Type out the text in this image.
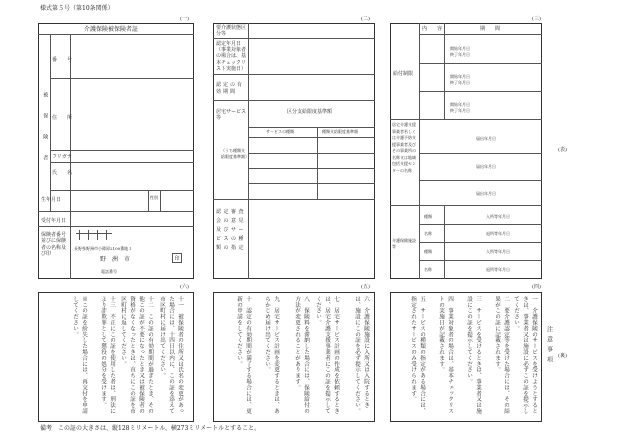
様式第５号（第10条関係）
(一)	(二)	(三)
(表)
(六)	(五)	(四)
(裏)
介護保険被保険者証
被保険者
番　　号
住　　所
フリガナ
氏　　名
性別
生年月日
受付年月日
保険者番号並びに保険者の名称及び印
長野県野洲市小篠原2100番地１
野　洲　市	印
電話番号
要介護状態区分等
認定年月日（事業対象者の場合は、基本チェックリスト実施日）
認定の有効期間
居宅サービス等
区分支給限度基準額
サービスの種類	種類支給限度基準額
（うち種類支給限度基準額）
認定審査会の意見及びサービスの種類の指定
内　　容	期　　間
給付制限
開始年月日
終了年月日
開始年月日
終了年月日
開始年月日
終了年月日
居宅介護支援事業者若しくは介護予防支援事業者及びその事業所の名称又は地域包括支援センターの名称
届出年月日
届出年月日
届出年月日
介護保険施設等
種類	入所等年月日
名称	退所等年月日
種類	入所等年月日
名称	退所等年月日
十一　被保険者の住所又は氏名の変更があった場合には、十四日以内に、この証を添えて市区町村に届け出てください。
十二　この証の有効期間が過ぎたとき、その他この証が不要になったとき又は被保険者の資格がなくなったときは、直ちにこの証を市区町村に返してください。
十三　不正にこの証を使用した者は、刑法により詐欺罪として懲役の処分を受けます。
※この証を紛失した場合には、再交付を申請してください。	六　介護保険施設に入所又は入院するときは、施設にこの証を必ず提示してください。
七　居宅サービス計画の作成を依頼するときは、居宅介護支援事業者にこの証を提示してください。
八　保険料を滞納した場合には、保険給付の方法が変更されることがあります。
九　居宅サービス計画を変更するときは、あらかじめ届け出てください。
十　認定の有効期間が満了する場合には、更新の申請をしてください。	一　介護保険のサービスを受けようとするときは、事業者又は施設に必ずこの証を提示してください。
二　要介護認定等を受けた場合には、その結果がこの証に記載されます。
三　サービスを受けるときは、事業者又は施設にこの証を提示してください。
四　事業対象者の場合は、基本チェックリストの実施日が記載されます。
五　サービスの種類の指定がある場合には、指定されたサービスのみ受けられます。	注意事項
備考　この証の大きさは、縦128ミリメートル、横273ミリメートルとすること。
